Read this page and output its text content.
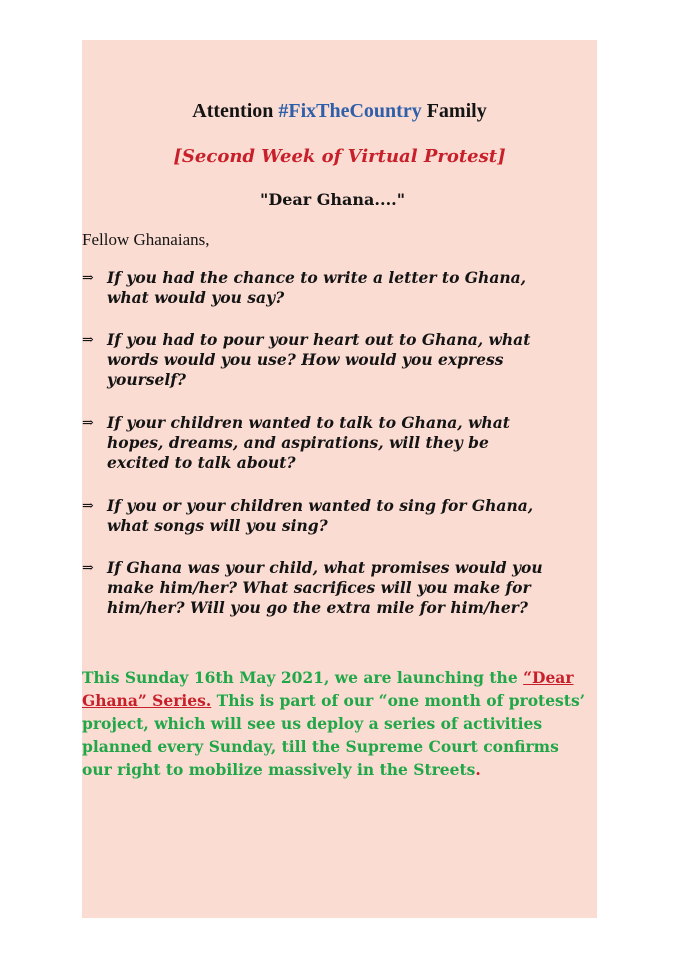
Attention #FixTheCountry Family
[Second Week of Virtual Protest]
"Dear Ghana...."
Fellow Ghanaians,
⇒ If you had the chance to write a letter to Ghana,
what would you say?
⇒ If you had to pour your heart out to Ghana, what
words would you use? How would you express
yourself?
⇒ If your children wanted to talk to Ghana, what
hopes, dreams, and aspirations, will they be
excited to talk about?
⇒ If you or your children wanted to sing for Ghana,
what songs will you sing?
⇒ If Ghana was your child, what promises would you
make him/her? What sacrifices will you make for
him/her? Will you go the extra mile for him/her?
This Sunday 16th May 2021, we are launching the “Dear Ghana” Series. This is part of our “one month of protests’ project, which will see us deploy a series of activities planned every Sunday, till the Supreme Court confirms our right to mobilize massively in the Streets.
